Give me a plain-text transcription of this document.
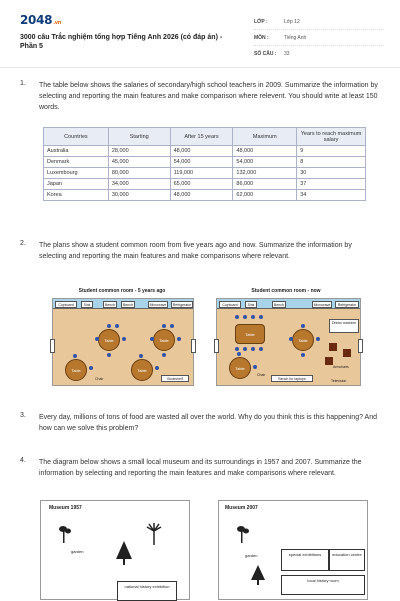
2048.vn
3000 câu Trắc nghiệm tổng hợp Tiếng Anh 2026 (có đáp án) - Phần 5
LỚP :	Lớp 12
MÔN :	Tiếng Anh
SỐ CÂU :	33
1. The table below shows the salaries of secondary/high school teachers in 2009. Summarize the information by selecting and reporting the main features and make comparison where relevent. You should write at least 150 words.
Countries	Starting	After 15 years	Maximum	Years to reach maximum salary
Australia	28,000	48,000	48,000	9
Denmark	45,000	54,000	54,000	8
Luxembourg	80,000	119,000	132,000	30
Japan	34,000	65,000	86,000	37
Korea	30,000	48,000	62,000	34
2. The plans show a student common room from five years ago and now. Summarize the information by selecting and reporting the main features and make comparisons where relevant.
Student common room - 5 years ago
Cupboard	Sink	Bench	Bench	Microwave	Refrigerator
Table	Table
Table	Table
Chair	Bookshelf
Student common room - now
Cupboard	Sink	Bench	Microwave	Refrigerator
Drinks machine
Table
Table
Table	Armchairs
Chair
Bench for laptops	Television
3. Every day, millions of tons of food are wasted all over the world. Why do you think this is this happening? And how can we solve this problem?
4. The diagram below shows a small local museum and its surroundings in 1957 and 2007. Summarize the information by selecting and reporting the main features and make comparisons where relevant.
Museum 1957
garden
national history exhibition
Museum 2007
garden	special exhibitions	education centre
local history room
